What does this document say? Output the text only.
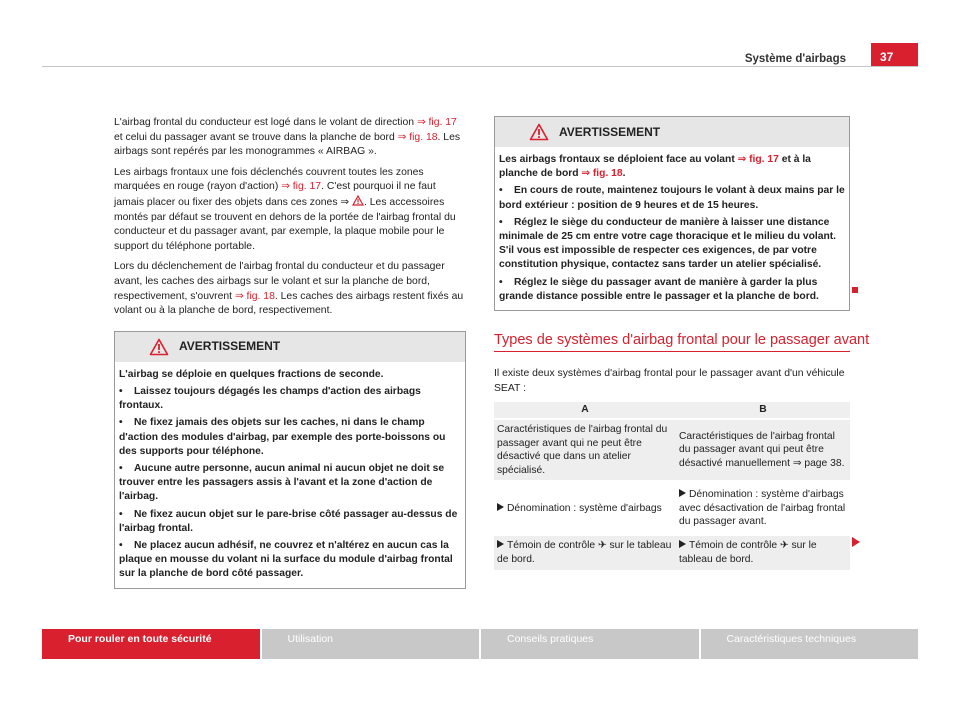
Système d'airbags	37

L'airbag frontal du conducteur est logé dans le volant de direction ⇒ fig. 17 et celui du passager avant se trouve dans la planche de bord ⇒ fig. 18. Les airbags sont repérés par les monogrammes « AIRBAG ».

Les airbags frontaux une fois déclenchés couvrent toutes les zones marquées en rouge (rayon d'action) ⇒ fig. 17. C'est pourquoi il ne faut jamais placer ou fixer des objets dans ces zones ⇒ . Les accessoires montés par défaut se trouvent en dehors de la portée de l'airbag frontal du conducteur et du passager avant, par exemple, la plaque mobile pour le support du téléphone portable.

Lors du déclenchement de l'airbag frontal du conducteur et du passager avant, les caches des airbags sur le volant et sur la planche de bord, respectivement, s'ouvrent ⇒ fig. 18. Les caches des airbags restent fixés au volant ou à la planche de bord, respectivement.

AVERTISSEMENT
L'airbag se déploie en quelques fractions de seconde.
• Laissez toujours dégagés les champs d'action des airbags frontaux.
• Ne fixez jamais des objets sur les caches, ni dans le champ d'action des modules d'airbag, par exemple des porte-boissons ou des supports pour téléphone.
• Aucune autre personne, aucun animal ni aucun objet ne doit se trouver entre les passagers assis à l'avant et la zone d'action de l'airbag.
• Ne fixez aucun objet sur le pare-brise côté passager au-dessus de l'airbag frontal.
• Ne placez aucun adhésif, ne couvrez et n'altérez en aucun cas la plaque en mousse du volant ni la surface du module d'airbag frontal sur la planche de bord côté passager.
AVERTISSEMENT
Les airbags frontaux se déploient face au volant ⇒ fig. 17 et à la planche de bord ⇒ fig. 18.
• En cours de route, maintenez toujours le volant à deux mains par le bord extérieur : position de 9 heures et de 15 heures.
• Réglez le siège du conducteur de manière à laisser une distance minimale de 25 cm entre votre cage thoracique et le milieu du volant. S'il vous est impossible de respecter ces exigences, de par votre constitution physique, contactez sans tarder un atelier spécialisé.
• Réglez le siège du passager avant de manière à garder la plus grande distance possible entre le passager et la planche de bord.
Types de systèmes d'airbag frontal pour le passager avant

Il existe deux systèmes d'airbag frontal pour le passager avant d'un véhicule SEAT :

A	B
Caractéristiques de l'airbag frontal du passager avant qui ne peut être désactivé que dans un atelier spécialisé.	Caractéristiques de l'airbag frontal du passager avant qui peut être désactivé manuellement ⇒ page 38.
Dénomination : système d'airbags	Dénomination : système d'airbags avec désactivation de l'airbag frontal du passager avant.
Témoin de contrôle ✈ sur le tableau de bord.	Témoin de contrôle ✈ sur le tableau de bord.
Pour rouler en toute sécurité	Utilisation	Conseils pratiques	Caractéristiques techniques
